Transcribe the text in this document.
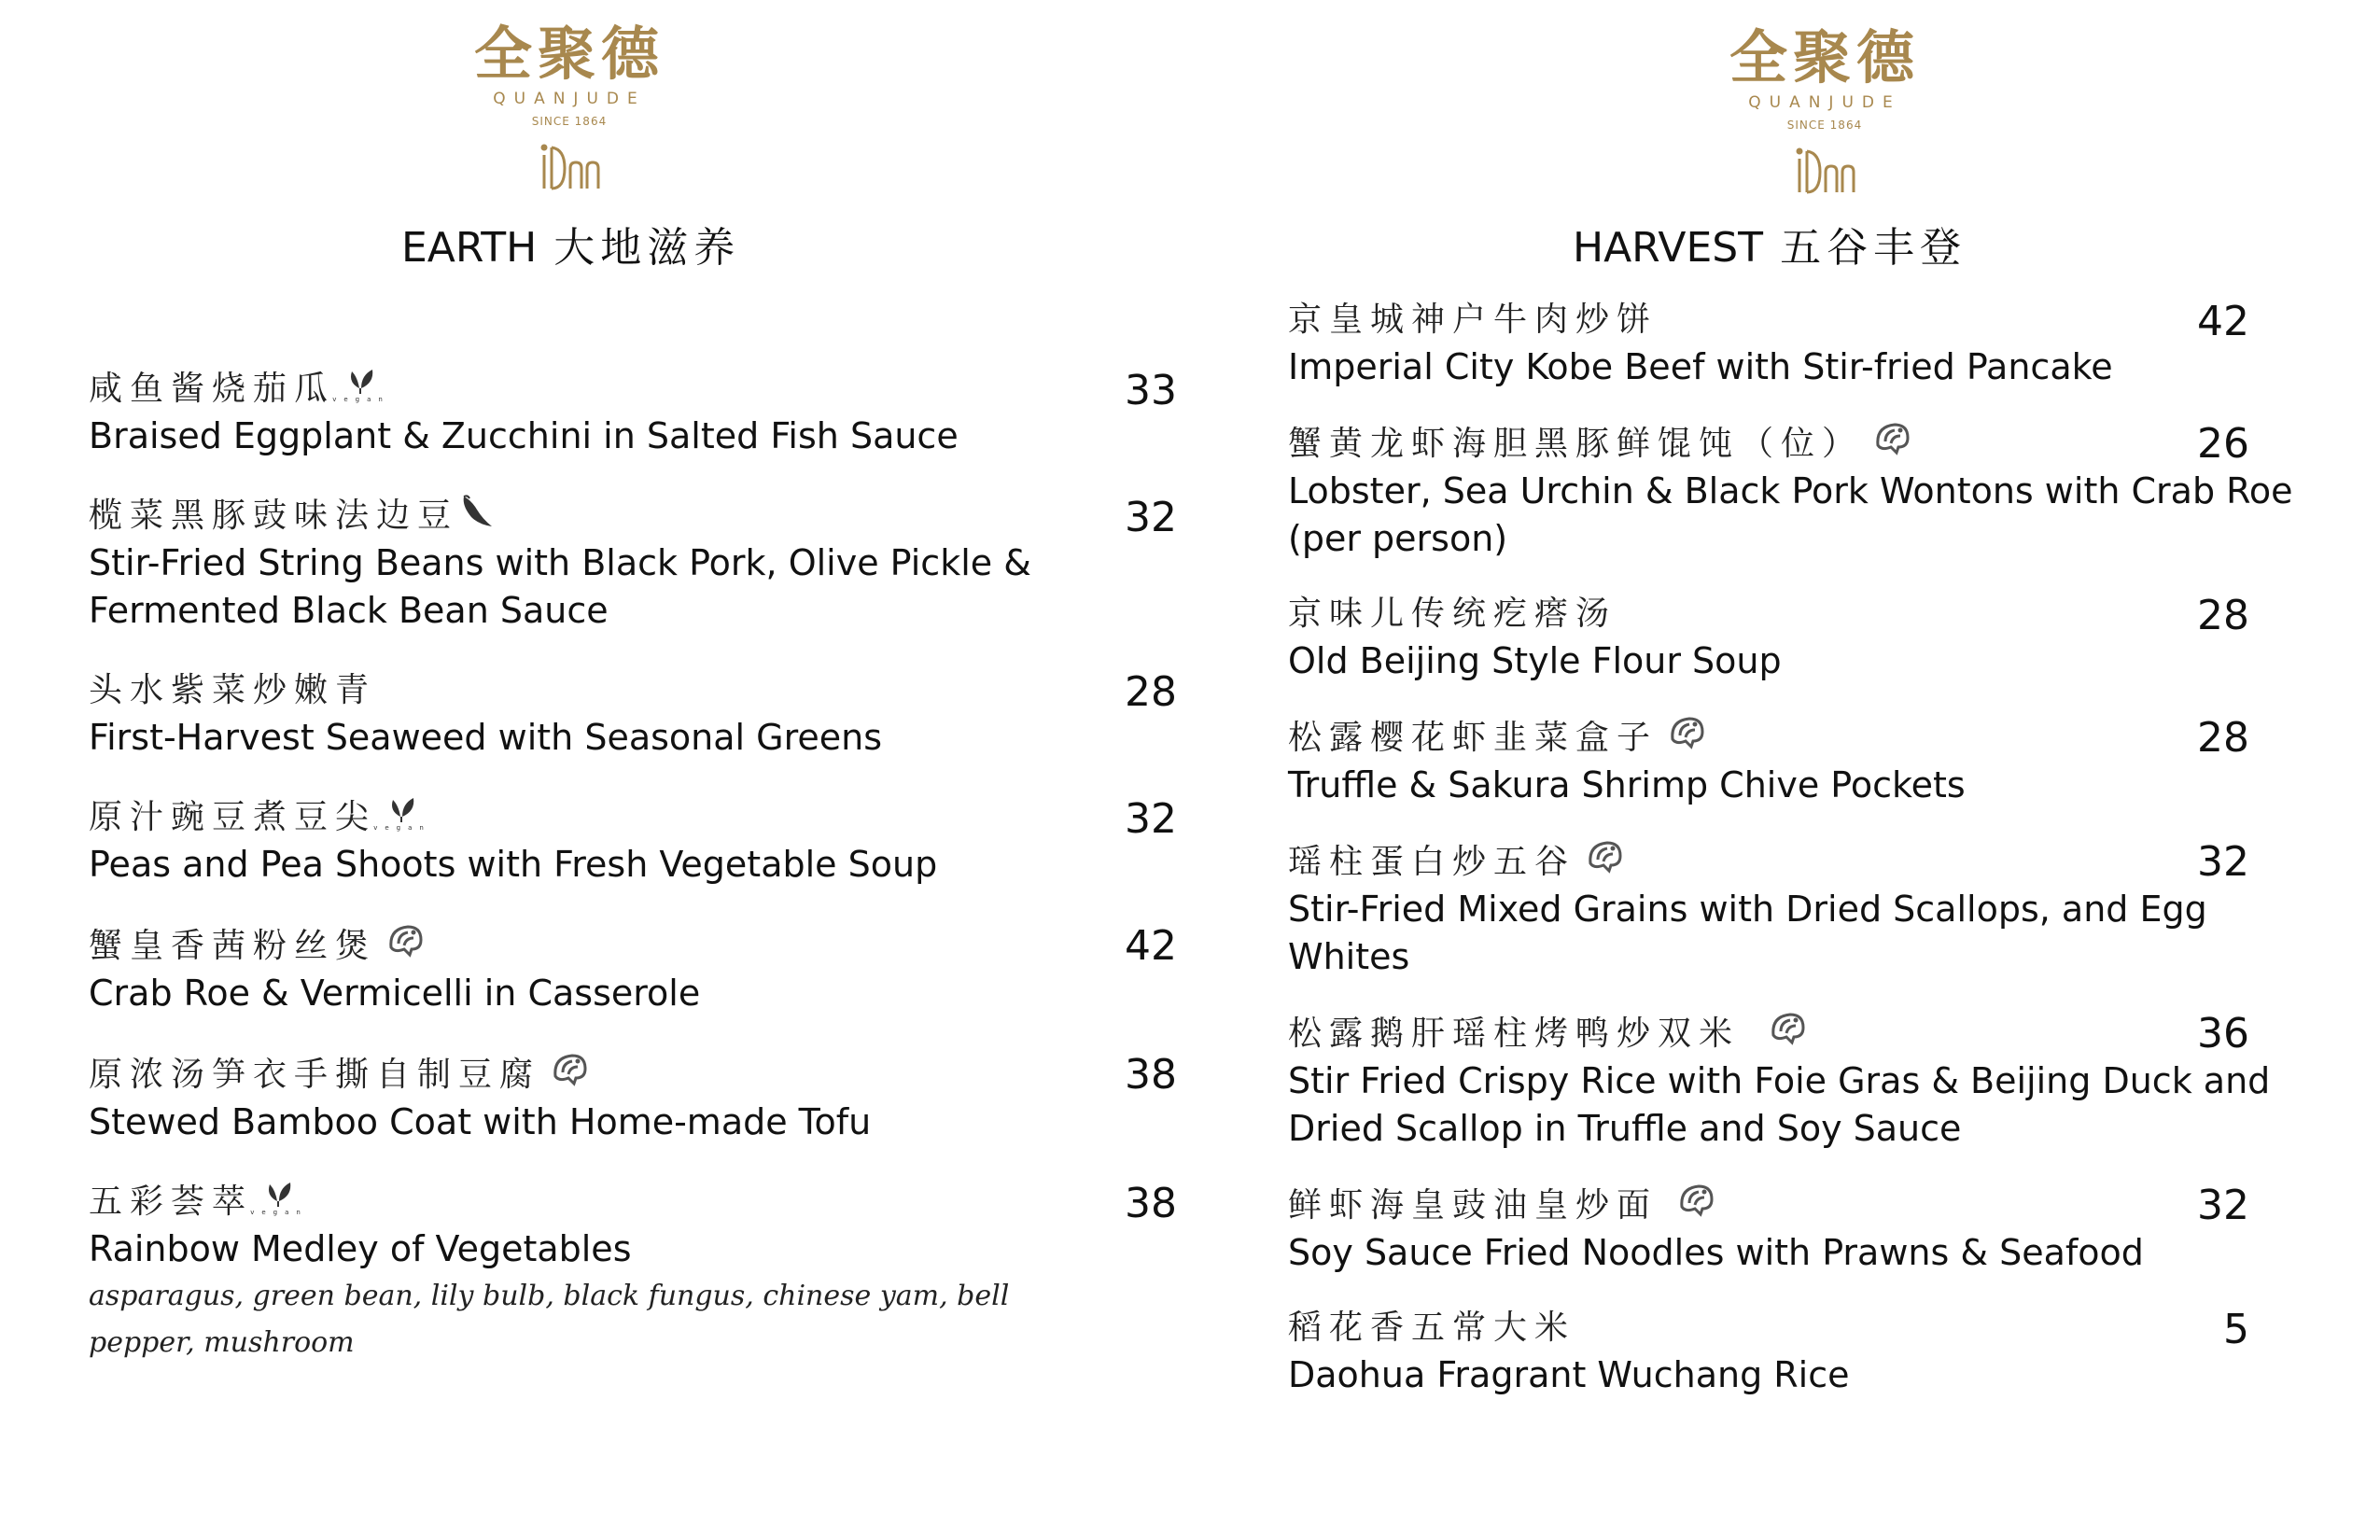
全聚德
QUANJUDE
SINCE 1864
EARTH 大地滋养
咸鱼酱烧茄瓜
vegan
Braised Eggplant & Zucchini in Salted Fish Sauce
33
榄菜黑豚豉味法边豆
Stir-Fried String Beans with Black Pork, Olive Pickle & Fermented Black Bean Sauce
32
头水紫菜炒嫩青
First-Harvest Seaweed with Seasonal Greens
28
原汁豌豆煮豆尖
vegan
Peas and Pea Shoots with Fresh Vegetable Soup
32
蟹皇香茜粉丝煲
Crab Roe & Vermicelli in Casserole
42
原浓汤笋衣手撕自制豆腐
Stewed Bamboo Coat with Home-made Tofu
38
五彩荟萃
vegan
Rainbow Medley of Vegetables
asparagus, green bean, lily bulb, black fungus, chinese yam, bell pepper, mushroom
38
全聚德
QUANJUDE
SINCE 1864
HARVEST 五谷丰登
京皇城神户牛肉炒饼
Imperial City Kobe Beef with Stir-fried Pancake
42
蟹黄龙虾海胆黑豚鲜馄饨（位）
Lobster, Sea Urchin & Black Pork Wontons with Crab Roe (per person)
26
京味儿传统疙瘩汤
Old Beijing Style Flour Soup
28
松露樱花虾韭菜盒子
Truffle & Sakura Shrimp Chive Pockets
28
瑶柱蛋白炒五谷
Stir-Fried Mixed Grains with Dried Scallops, and Egg Whites
32
松露鹅肝瑶柱烤鸭炒双米
Stir Fried Crispy Rice with Foie Gras & Beijing Duck and Dried Scallop in Truffle and Soy Sauce
36
鲜虾海皇豉油皇炒面
Soy Sauce Fried Noodles with Prawns & Seafood
32
稻花香五常大米
Daohua Fragrant Wuchang Rice
5
